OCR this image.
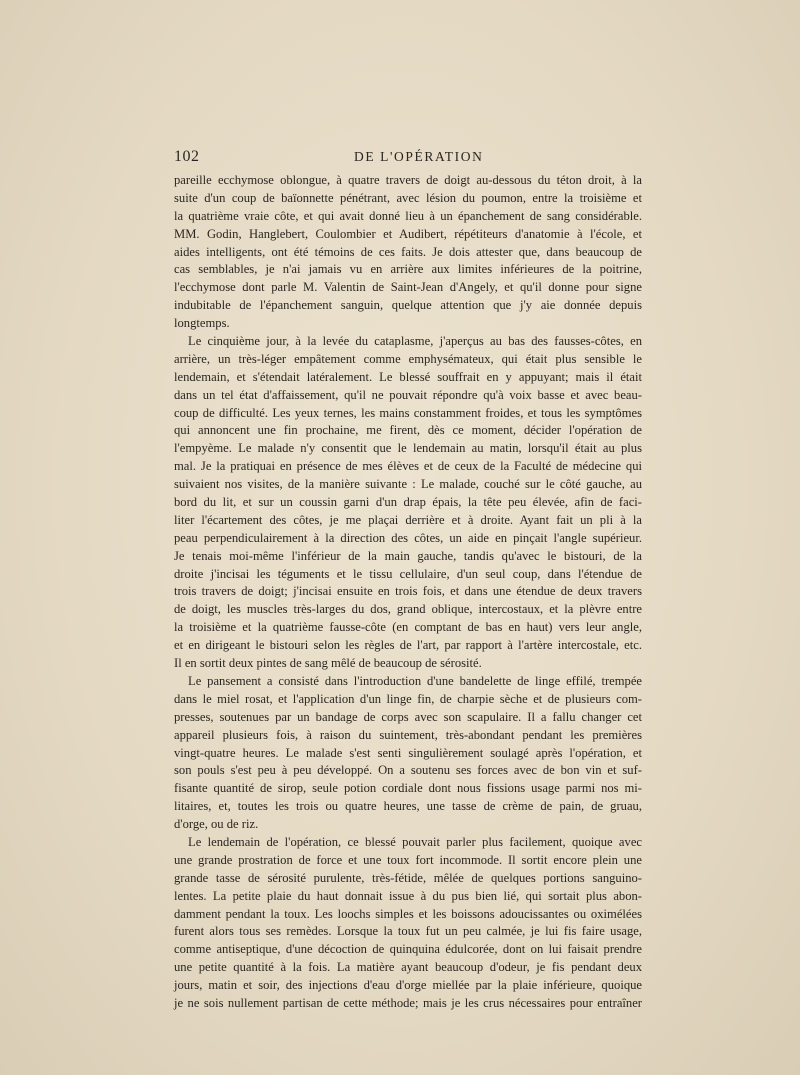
102	DE L'OPÉRATION
pareille ecchymose oblongue, à quatre travers de doigt au-dessous du téton droit, à la
suite d'un coup de baïonnette pénétrant, avec lésion du poumon, entre la troisième et
la quatrième vraie côte, et qui avait donné lieu à un épanchement de sang considérable.
MM. Godin, Hanglebert, Coulombier et Audibert, répétiteurs d'anatomie à l'école, et
aides intelligents, ont été témoins de ces faits. Je dois attester que, dans beaucoup de
cas semblables, je n'ai jamais vu en arrière aux limites inférieures de la poitrine,
l'ecchymose dont parle M. Valentin de Saint-Jean d'Angely, et qu'il donne pour signe
indubitable de l'épanchement sanguin, quelque attention que j'y aie donnée depuis
longtemps.
Le cinquième jour, à la levée du cataplasme, j'aperçus au bas des fausses-côtes, en
arrière, un très-léger empâtement comme emphysémateux, qui était plus sensible le
lendemain, et s'étendait latéralement. Le blessé souffrait en y appuyant; mais il était
dans un tel état d'affaissement, qu'il ne pouvait répondre qu'à voix basse et avec beau-
coup de difficulté. Les yeux ternes, les mains constamment froides, et tous les symptômes
qui annoncent une fin prochaine, me firent, dès ce moment, décider l'opération de
l'empyème. Le malade n'y consentit que le lendemain au matin, lorsqu'il était au plus
mal. Je la pratiquai en présence de mes élèves et de ceux de la Faculté de médecine qui
suivaient nos visites, de la manière suivante : Le malade, couché sur le côté gauche, au
bord du lit, et sur un coussin garni d'un drap épais, la tête peu élevée, afin de faci-
liter l'écartement des côtes, je me plaçai derrière et à droite. Ayant fait un pli à la
peau perpendiculairement à la direction des côtes, un aide en pinçait l'angle supérieur.
Je tenais moi-même l'inférieur de la main gauche, tandis qu'avec le bistouri, de la
droite j'incisai les téguments et le tissu cellulaire, d'un seul coup, dans l'étendue de
trois travers de doigt; j'incisai ensuite en trois fois, et dans une étendue de deux travers
de doigt, les muscles très-larges du dos, grand oblique, intercostaux, et la plèvre entre
la troisième et la quatrième fausse-côte (en comptant de bas en haut) vers leur angle,
et en dirigeant le bistouri selon les règles de l'art, par rapport à l'artère intercostale, etc.
Il en sortit deux pintes de sang mêlé de beaucoup de sérosité.
Le pansement a consisté dans l'introduction d'une bandelette de linge effilé, trempée
dans le miel rosat, et l'application d'un linge fin, de charpie sèche et de plusieurs com-
presses, soutenues par un bandage de corps avec son scapulaire. Il a fallu changer cet
appareil plusieurs fois, à raison du suintement, très-abondant pendant les premières
vingt-quatre heures. Le malade s'est senti singulièrement soulagé après l'opération, et
son pouls s'est peu à peu développé. On a soutenu ses forces avec de bon vin et suf-
fisante quantité de sirop, seule potion cordiale dont nous fissions usage parmi nos mi-
litaires, et, toutes les trois ou quatre heures, une tasse de crème de pain, de gruau,
d'orge, ou de riz.
Le lendemain de l'opération, ce blessé pouvait parler plus facilement, quoique avec
une grande prostration de force et une toux fort incommode. Il sortit encore plein une
grande tasse de sérosité purulente, très-fétide, mêlée de quelques portions sanguino-
lentes. La petite plaie du haut donnait issue à du pus bien lié, qui sortait plus abon-
damment pendant la toux. Les loochs simples et les boissons adoucissantes ou oximélées
furent alors tous ses remèdes. Lorsque la toux fut un peu calmée, je lui fis faire usage,
comme antiseptique, d'une décoction de quinquina édulcorée, dont on lui faisait prendre
une petite quantité à la fois. La matière ayant beaucoup d'odeur, je fis pendant deux
jours, matin et soir, des injections d'eau d'orge miellée par la plaie inférieure, quoique
je ne sois nullement partisan de cette méthode; mais je les crus nécessaires pour entraîner
